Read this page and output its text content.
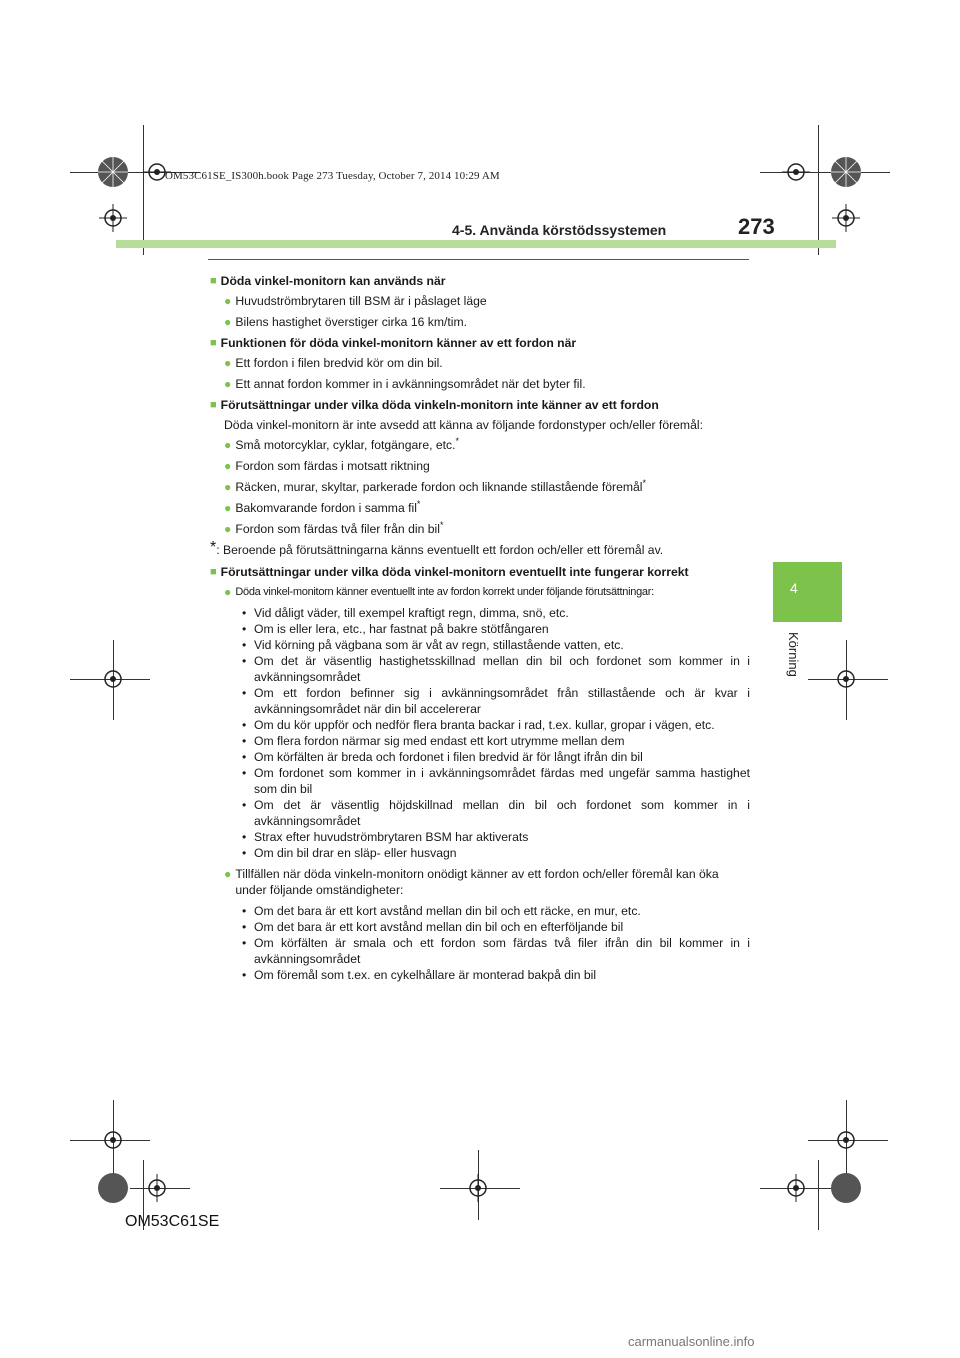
OM53C61SE_IS300h.book Page 273 Tuesday, October 7, 2014 10:29 AM
4-5. Använda körstödssystemen	273
4
Körning
■ Döda vinkel-monitorn kan används när
● Huvudströmbrytaren till BSM är i påslaget läge
● Bilens hastighet överstiger cirka 16 km/tim.
■ Funktionen för döda vinkel-monitorn känner av ett fordon när
● Ett fordon i filen bredvid kör om din bil.
● Ett annat fordon kommer in i avkänningsområdet när det byter fil.
■ Förutsättningar under vilka döda vinkeln-monitorn inte känner av ett fordon
Döda vinkel-monitorn är inte avsedd att känna av följande fordonstyper och/eller föremål:
● Små motorcyklar, cyklar, fotgängare, etc.*
● Fordon som färdas i motsatt riktning
● Räcken, murar, skyltar, parkerade fordon och liknande stillastående föremål*
● Bakomvarande fordon i samma fil*
● Fordon som färdas två filer från din bil*
* : Beroende på förutsättningarna känns eventuellt ett fordon och/eller ett föremål av.
■ Förutsättningar under vilka döda vinkel-monitorn eventuellt inte fungerar korrekt
● Döda vinkel-monitorn känner eventuellt inte av fordon korrekt under följande förutsättningar:
• Vid dåligt väder, till exempel kraftigt regn, dimma, snö, etc.
• Om is eller lera, etc., har fastnat på bakre stötfångaren
• Vid körning på vägbana som är våt av regn, stillastående vatten, etc.
• Om det är väsentlig hastighetsskillnad mellan din bil och fordonet som kommer in i avkänningsområdet
• Om ett fordon befinner sig i avkänningsområdet från stillastående och är kvar i avkänningsområdet när din bil accelererar
• Om du kör uppför och nedför flera branta backar i rad, t.ex. kullar, gropar i vägen, etc.
• Om flera fordon närmar sig med endast ett kort utrymme mellan dem
• Om körfälten är breda och fordonet i filen bredvid är för långt ifrån din bil
• Om fordonet som kommer in i avkänningsområdet färdas med ungefär samma hastighet som din bil
• Om det är väsentlig höjdskillnad mellan din bil och fordonet som kommer in i avkänningsområdet
• Strax efter huvudströmbrytaren BSM har aktiverats
• Om din bil drar en släp- eller husvagn
● Tillfällen när döda vinkeln-monitorn onödigt känner av ett fordon och/eller föremål kan öka under följande omständigheter:
• Om det bara är ett kort avstånd mellan din bil och ett räcke, en mur, etc.
• Om det bara är ett kort avstånd mellan din bil och en efterföljande bil
• Om körfälten är smala och ett fordon som färdas två filer ifrån din bil kommer in i avkänningsområdet
• Om föremål som t.ex. en cykelhållare är monterad bakpå din bil
OM53C61SE
carmanualsonline.info
